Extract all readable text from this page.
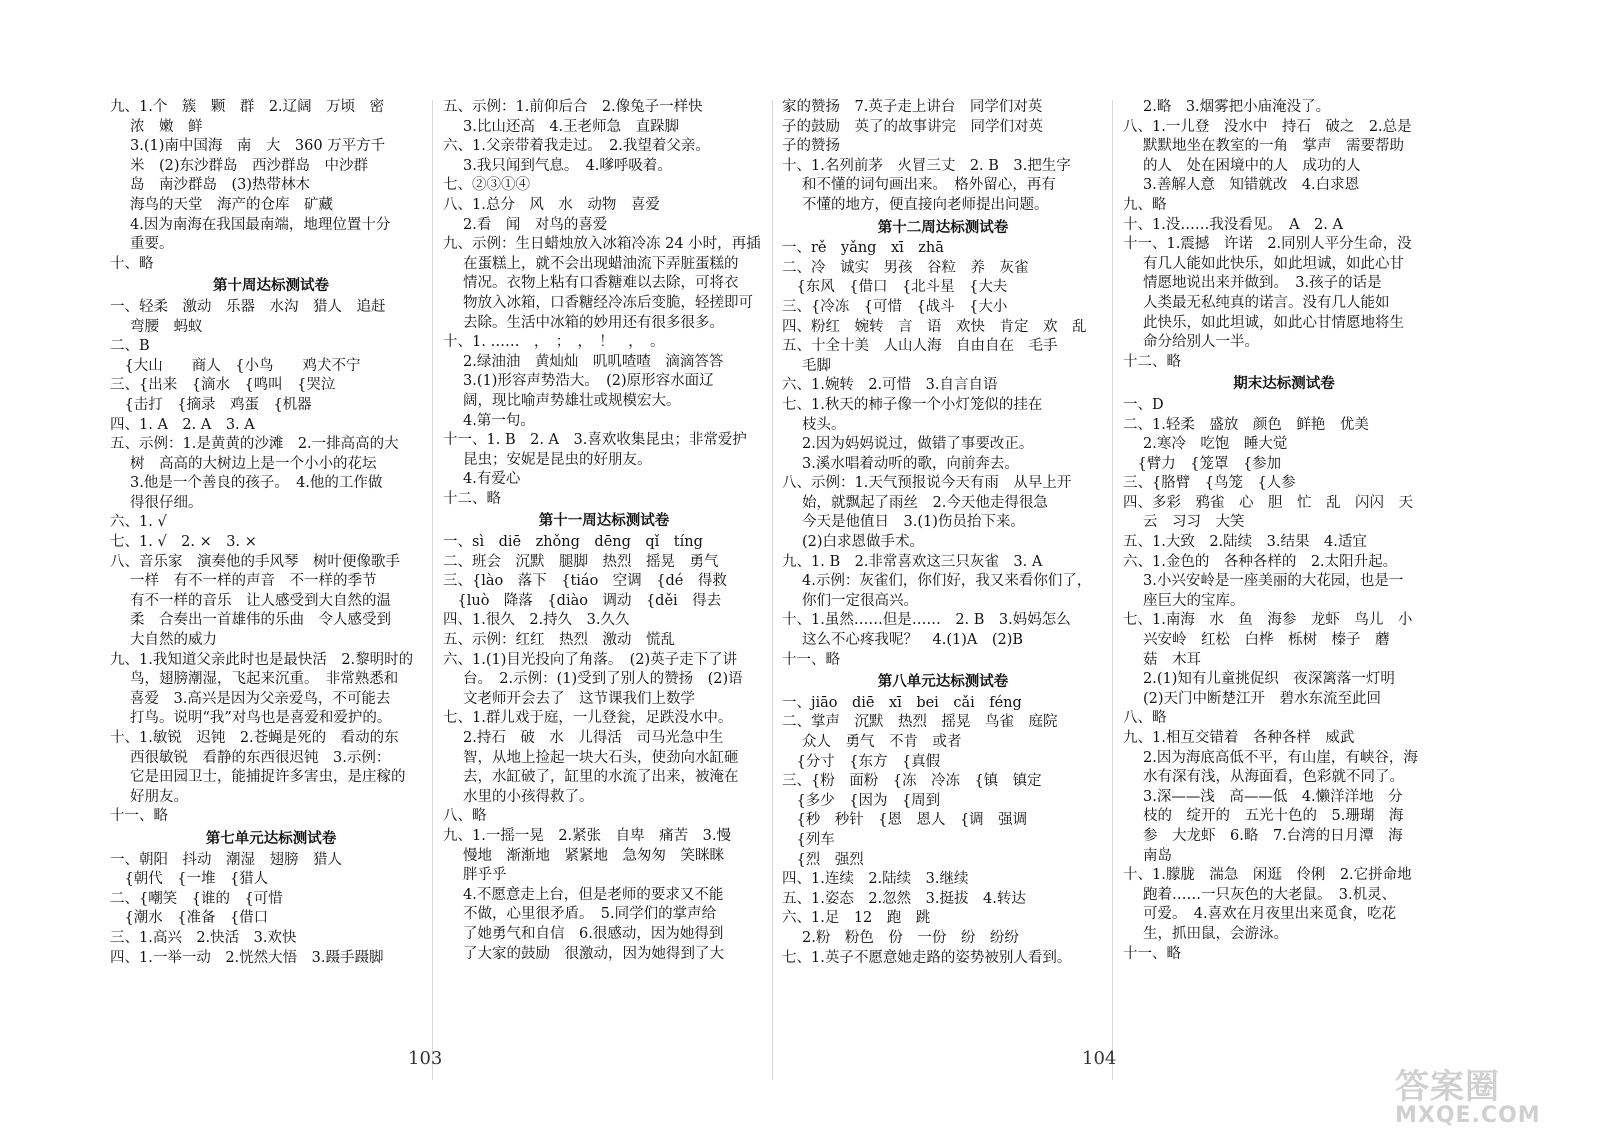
九、1.个　簇　颗　群　2.辽阔　万顷　密

浓　嫩　鲜

3.(1)南中国海　南　大　360 万平方千

米　(2)东沙群岛　西沙群岛　中沙群

岛　南沙群岛　(3)热带林木

海鸟的天堂　海产的仓库　矿藏

4.因为南海在我国最南端，地理位置十分

重要。

十、略

第十周达标测试卷

一、轻柔　激动　乐器　水沟　猎人　追赶

弯腰　蚂蚁

二、B

　{大山　　商人　{小鸟　　鸡犬不宁

三、{出来　{滴水　{鸣叫　{哭泣

　{击打　{摘录　鸡蛋　{机器

四、1. A　2. A　3. A

五、示例：1.是黄黄的沙滩　2.一排高高的大

树　高高的大树边上是一个小小的花坛

3.他是一个善良的孩子。　4.他的工作做

得很仔细。

六、1. √

七、1. √　2. ×　3. ×

八、音乐家　演奏他的手风琴　树叶便像歌手

一样　有不一样的声音　不一样的季节

有不一样的音乐　让人感受到大自然的温

柔　合奏出一首雄伟的乐曲　令人感受到

大自然的威力

九、1.我知道父亲此时也是最快活　2.黎明时的

鸟，翅膀潮湿，飞起来沉重。　非常熟悉和

喜爱　3.高兴是因为父亲爱鸟，不可能去

打鸟。说明“我”对鸟也是喜爱和爱护的。

十、1.敏锐　迟钝　2.苍蝇是死的　看动的东

西很敏锐　看静的东西很迟钝　3.示例：

它是田园卫士，能捕捉许多害虫，是庄稼的

好朋友。

十一、略

第七单元达标测试卷

一、朝阳　抖动　潮湿　翅膀　猎人

　{朝代　{一堆　{猎人

二、{嘲笑　{谁的　{可惜

　{潮水　{准备　{借口

三、1.高兴　2.快活　3.欢快

四、1.一举一动　2.恍然大悟　3.蹑手蹑脚

五、示例：1.前仰后合　2.像兔子一样快

3.比山还高　4.王老师急　直跺脚

六、1.父亲带着我走过。　2.我望着父亲。

3.我只闻到气息。　4.嗲呼吸着。

七、②③①④

八、1.总分　风　水　动物　喜爱

2.看　闻　对鸟的喜爱

九、示例：生日蜡烛放入冰箱冷冻 24 小时，再插

在蛋糕上，就不会出现蜡油流下弄脏蛋糕的

情况。衣物上粘有口香糖难以去除，可将衣

物放入冰箱，口香糖经冷冻后变脆，轻搓即可

去除。生活中冰箱的妙用还有很多很多。

十、1. ……　，　；　，　！　，　。

2.绿油油　黄灿灿　叽叽喳喳　滴滴答答

3.(1)形容声势浩大。　(2)原形容水面辽

阔，现比喻声势雄壮或规模宏大。

4.第一句。

十一、1. B　2. A　3.喜欢收集昆虫；非常爱护

昆虫；安妮是昆虫的好朋友。

4.有爱心

十二、略

第十一周达标测试卷

一、sì　diē　zhǒng　dēng　qǐ　tíng

二、班会　沉默　腿脚　热烈　摇晃　勇气

三、{lào　落下　{tiáo　空调　{dé　得救

　{luò　降落　{diào　调动　{děi　得去

四、1.很久　2.持久　3.久久

五、示例：红红　热烈　激动　慌乱

六、1.(1)目光投向了角落。　(2)英子走下了讲

台。　2.示例：(1)受到了别人的赞扬　(2)语

文老师开会去了　这节课我们上数学

七、1.群儿戏于庭，一儿登瓮，足跌没水中。

2.持石　破　水　儿得活　司马光急中生

智，从地上捡起一块大石头，使劲向水缸砸

去，水缸破了，缸里的水流了出来，被淹在

水里的小孩得救了。

八、略

九、1.一摇一晃　2.紧张　自卑　痛苦　3.慢

慢地　渐渐地　紧紧地　急匆匆　笑眯眯

胖乎乎

4.不愿意走上台，但是老师的要求又不能

不做，心里很矛盾。　5.同学们的掌声给

了她勇气和自信　6.很感动，因为她得到

了大家的鼓励　很激动，因为她得到了大

家的赞扬　7.英子走上讲台　同学们对英

子的鼓励　英了的故事讲完　同学们对英

子的赞扬

十、1.名列前茅　火冒三丈　2. B　3.把生字

和不懂的词句画出来。　格外留心，再有

不懂的地方，便直接向老师提出问题。

第十二周达标测试卷

一、rě　yǎng　xī　zhā

二、冷　诚实　男孩　谷粒　养　灰雀

　{东风　{借口　{北斗星　{大夫

三、{冷冻　{可惜　{战斗　{大小

四、粉红　婉转　言　语　欢快　肯定　欢　乱

五、十全十美　人山人海　自由自在　毛手

毛脚

六、1.婉转　2.可惜　3.自言自语

七、1.秋天的柿子像一个小灯笼似的挂在

枝头。

2.因为妈妈说过，做错了事要改正。

3.溪水唱着动听的歌，向前奔去。

八、示例：1.天气预报说今天有雨　从早上开

始，就飘起了雨丝　2.今天他走得很急

今天是他值日　3.(1)伤员抬下来。

(2)白求恩做手术。

九、1. B　2.非常喜欢这三只灰雀　3. A

4.示例：灰雀们，你们好，我又来看你们了，

你们一定很高兴。

十、1.虽然……但是……　2. B　3.妈妈怎么

这么不心疼我呢？　4.(1)A　(2)B

十一、略

第八单元达标测试卷

一、jiāo　diē　xī　bei　cǎi　féng

二、掌声　沉默　热烈　摇晃　鸟雀　庭院

众人　勇气　不肯　或者

　{分寸　{东方　{真假

三、{粉　面粉　{冻　冷冻　{镇　镇定

　{多少　{因为　{周到

　{秒　秒针　{恩　恩人　{调　强调

　{列车

　{烈　强烈

四、1.连续　2.陆续　3.继续

五、1.姿态　2.忽然　3.挺拔　4.转达

六、1.足　12　跑　跳

2.粉　粉色　份　一份　纷　纷纷

七、1.英子不愿意她走路的姿势被别人看到。

2.略　3.烟雾把小庙淹没了。

八、1.一儿登　没水中　持石　破之　2.总是

默默地坐在教室的一角　掌声　需要帮助

的人　处在困境中的人　成功的人

3.善解人意　知错就改　4.白求恩

九、略

十、1.没……我没看见。　A　2. A

十一、1.震撼　许诺　2.同别人平分生命，没

有几人能如此快乐，如此坦诚，如此心甘

情愿地说出来并做到。　3.孩子的话是

人类最无私纯真的诺言。没有几人能如

此快乐，如此坦诚，如此心甘情愿地将生

命分给别人一半。

十二、略

期末达标测试卷

一、D

二、1.轻柔　盛放　颜色　鲜艳　优美

2.寒冷　吃饱　睡大觉

　{臂力　{笼罩　{参加

三、{胳臂　{鸟笼　{人参

四、多彩　鸦雀　心　胆　忙　乱　闪闪　天

云　习习　大笑

五、1.大致　2.陆续　3.结果　4.适宜

六、1.金色的　各种各样的　2.太阳升起。

3.小兴安岭是一座美丽的大花园，也是一

座巨大的宝库。

七、1.南海　水　鱼　海参　龙虾　鸟儿　小

兴安岭　红松　白桦　栎树　榛子　蘑

菇　木耳

2.(1)知有儿童挑促织　夜深篱落一灯明

(2)天门中断楚江开　碧水东流至此回

八、略

九、1.相互交错着　各种各样　威武

2.因为海底高低不平，有山崖，有峡谷，海

水有深有浅，从海面看，色彩就不同了。

3.深——浅　高——低　4.懒洋洋地　分

枝的　绽开的　五光十色的　5.珊瑚　海

参　大龙虾　6.略　7.台湾的日月潭　海

南岛

十、1.朦胧　湍急　闲逛　伶俐　2.它拼命地

跑着……一只灰色的大老鼠。　3.机灵、

可爱。　4.喜欢在月夜里出来觅食，吃花

生，抓田鼠，会游泳。

十一、略

103	104
答案圈
MXQE.COM
